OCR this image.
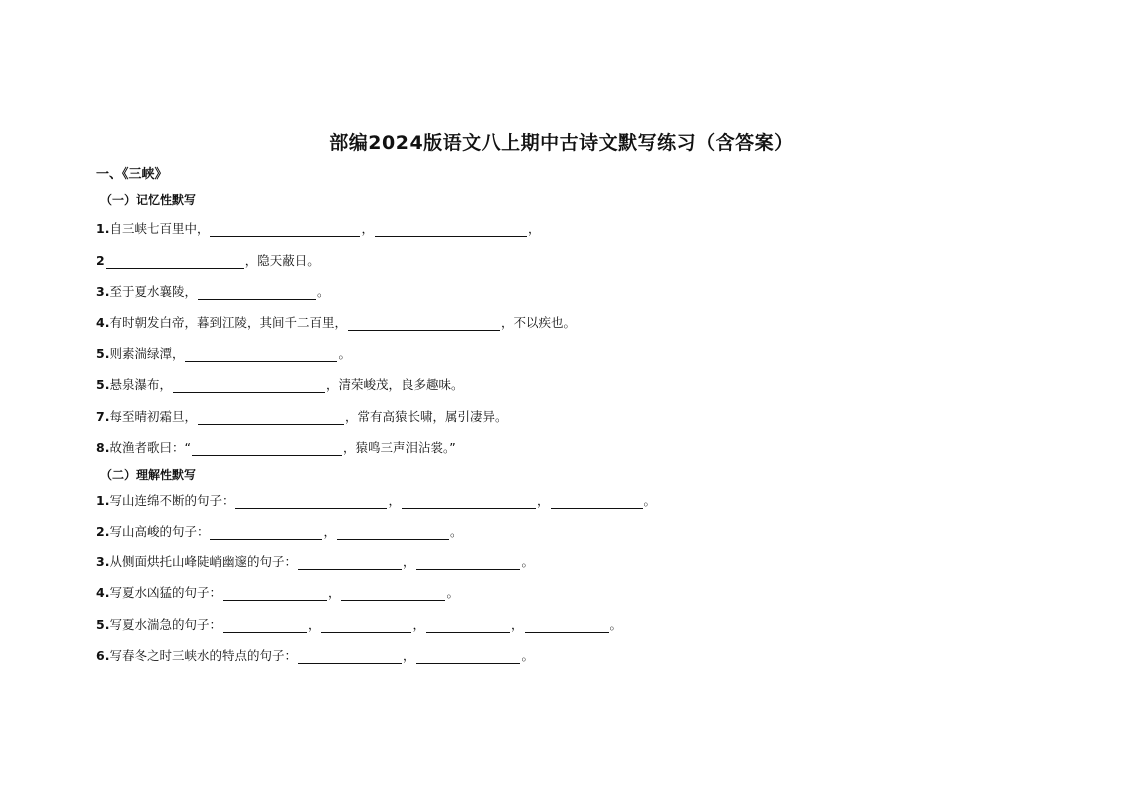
部编2024版语文八上期中古诗文默写练习（含答案）
一、《三峡》
（一）记忆性默写
1. 自三峡七百里中，	，	，
2	，隐天蔽日。
3. 至于夏水襄陵，	。
4. 有时朝发白帝，暮到江陵，其间千二百里，	，不以疾也。
5. 则素湍绿潭，	。
5. 悬泉瀑布，	，清荣峻茂，良多趣味。
7. 每至晴初霜旦，	，常有高猿长啸，属引凄异。
8. 故渔者歌曰：“	，猿鸣三声泪沾裳。”
（二）理解性默写
1. 写山连绵不断的句子：	，	，	。
2. 写山高峻的句子：	，	。
3. 从侧面烘托山峰陡峭幽邃的句子：	，	。
4. 写夏水凶猛的句子：	，	。
5. 写夏水湍急的句子：	，	，	，	。
6. 写春冬之时三峡水的特点的句子：	，	。
